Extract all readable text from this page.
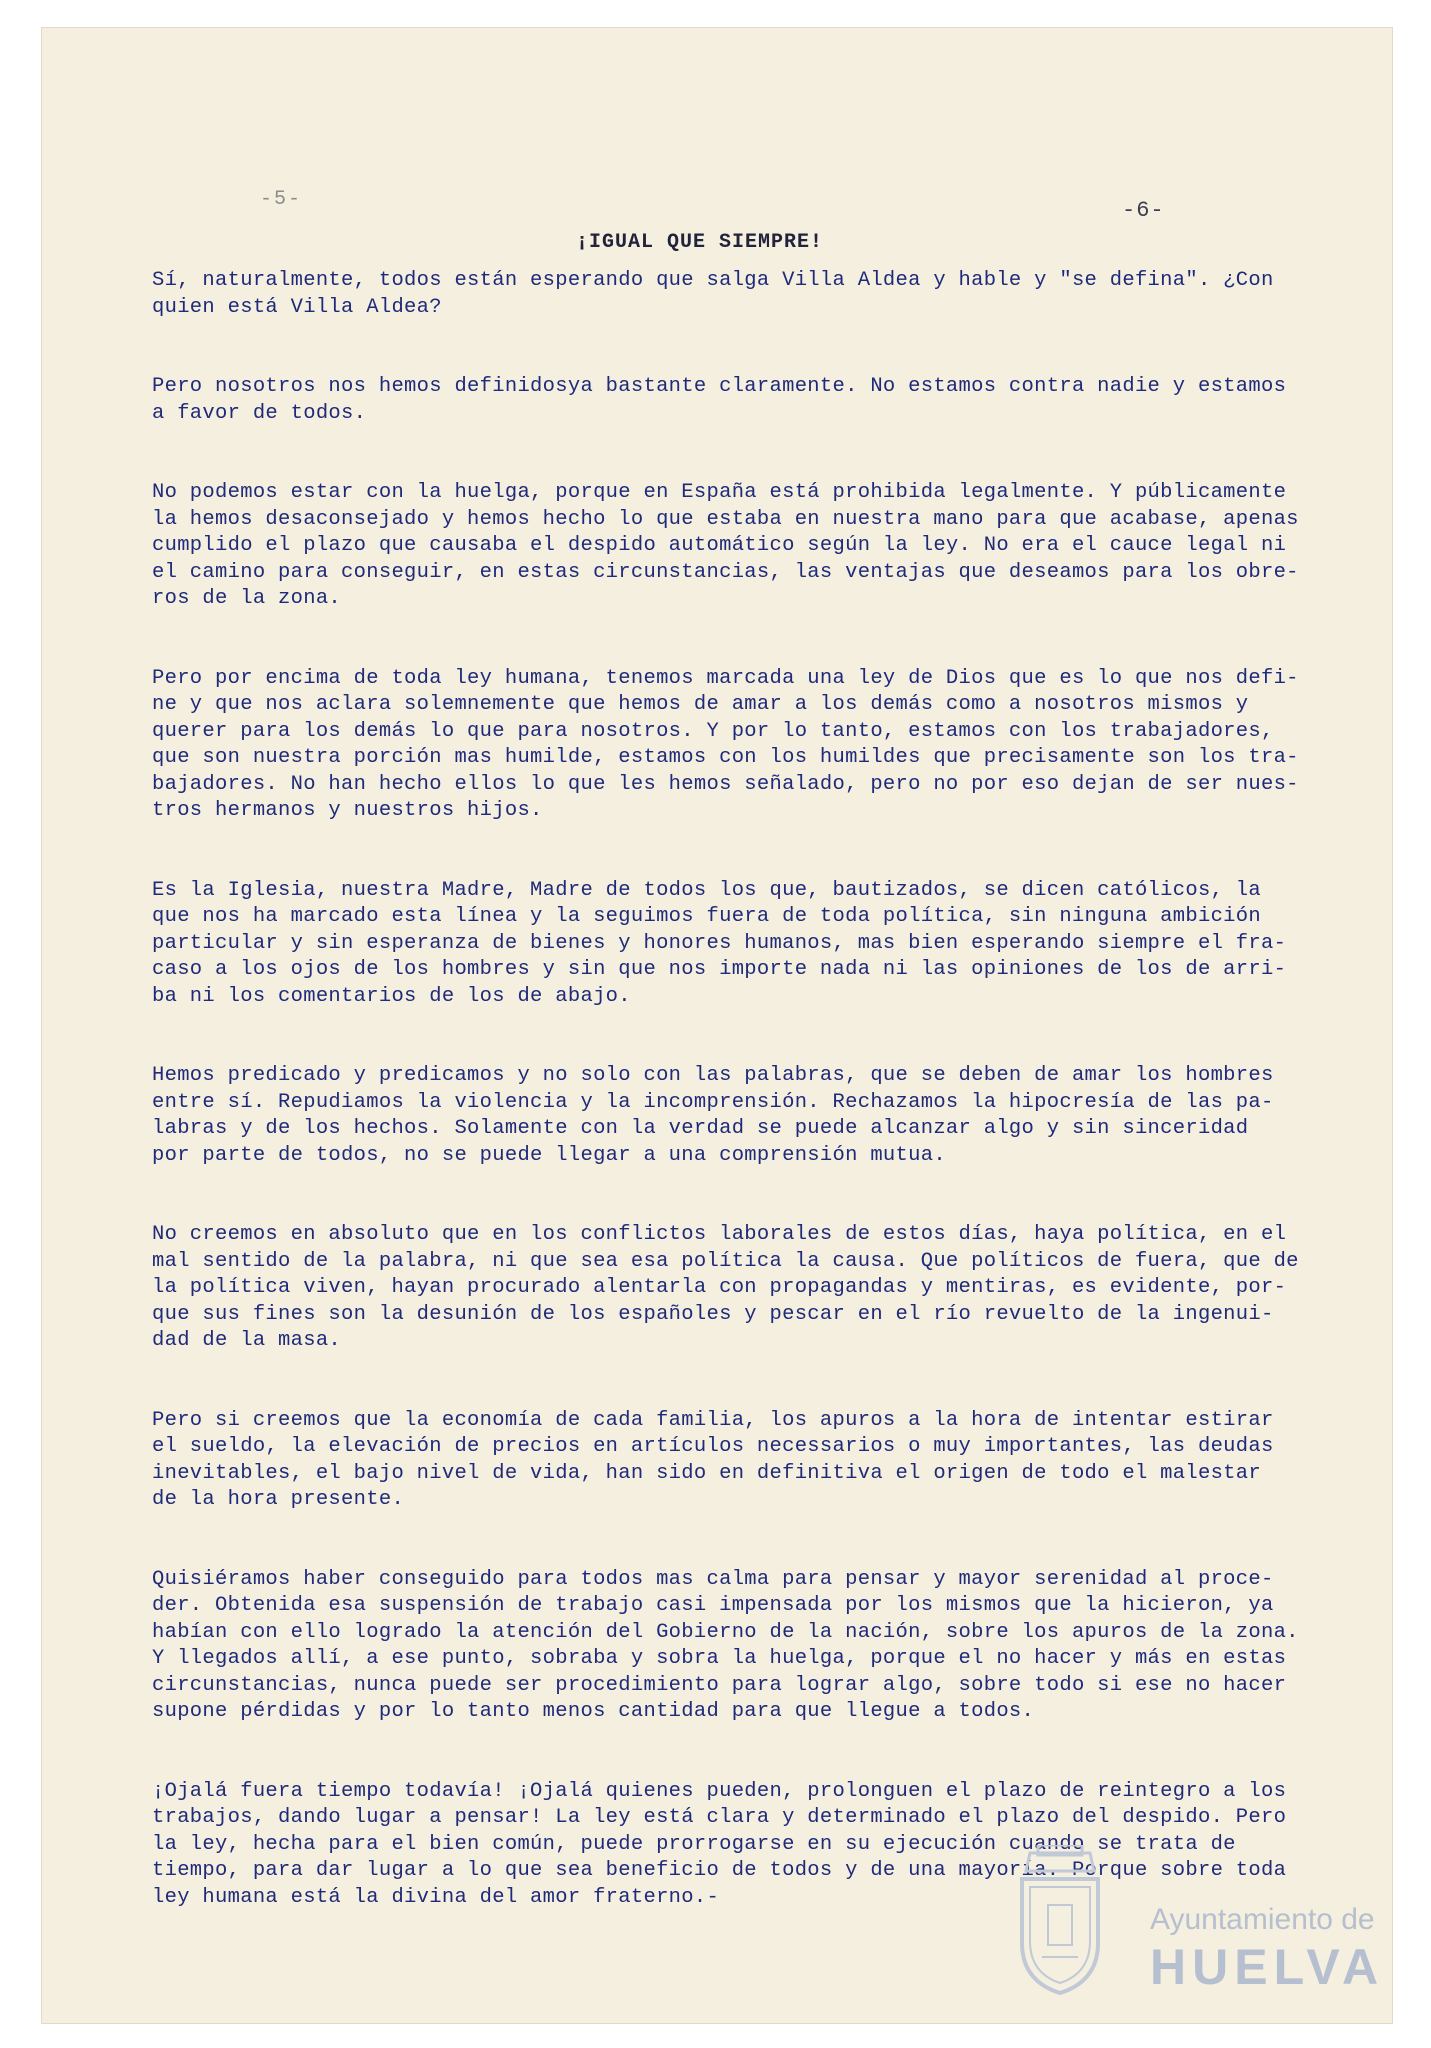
-5-	-6-
¡IGUAL QUE SIEMPRE!

Sí, naturalmente, todos están esperando que salga Villa Aldea y hable y "se defina". ¿Con
quien está Villa Aldea?

Pero nosotros nos hemos definidosya bastante claramente. No estamos contra nadie y estamos
a favor de todos.

No podemos estar con la huelga, porque en España está prohibida legalmente. Y públicamente
la hemos desaconsejado y hemos hecho lo que estaba en nuestra mano para que acabase, apenas
cumplido el plazo que causaba el despido automático según la ley. No era el cauce legal ni
el camino para conseguir, en estas circunstancias, las ventajas que deseamos para los obre-
ros de la zona.

Pero por encima de toda ley humana, tenemos marcada una ley de Dios que es lo que nos defi-
ne y que nos aclara solemnemente que hemos de amar a los demás como a nosotros mismos y
querer para los demás lo que para nosotros. Y por lo tanto, estamos con los trabajadores,
que son nuestra porción mas humilde, estamos con los humildes que precisamente son los tra-
bajadores. No han hecho ellos lo que les hemos señalado, pero no por eso dejan de ser nues-
tros hermanos y nuestros hijos.

Es la Iglesia, nuestra Madre, Madre de todos los que, bautizados, se dicen católicos, la
que nos ha marcado esta línea y la seguimos fuera de toda política, sin ninguna ambición
particular y sin esperanza de bienes y honores humanos, mas bien esperando siempre el fra-
caso a los ojos de los hombres y sin que nos importe nada ni las opiniones de los de arri-
ba ni los comentarios de los de abajo.

Hemos predicado y predicamos y no solo con las palabras, que se deben de amar los hombres
entre sí. Repudiamos la violencia y la incomprensión. Rechazamos la hipocresía de las pa-
labras y de los hechos. Solamente con la verdad se puede alcanzar algo y sin sinceridad
por parte de todos, no se puede llegar a una comprensión mutua.

No creemos en absoluto que en los conflictos laborales de estos días, haya política, en el
mal sentido de la palabra, ni que sea esa política la causa. Que políticos de fuera, que de
la política viven, hayan procurado alentarla con propagandas y mentiras, es evidente, por-
que sus fines son la desunión de los españoles y pescar en el río revuelto de la ingenui-
dad de la masa.

Pero si creemos que la economía de cada familia, los apuros a la hora de intentar estirar
el sueldo, la elevación de precios en artículos necessarios o muy importantes, las deudas
inevitables, el bajo nivel de vida, han sido en definitiva el origen de todo el malestar
de la hora presente.

Quisiéramos haber conseguido para todos mas calma para pensar y mayor serenidad al proce-
der. Obtenida esa suspensión de trabajo casi impensada por los mismos que la hicieron, ya
habían con ello logrado la atención del Gobierno de la nación, sobre los apuros de la zona.
Y llegados allí, a ese punto, sobraba y sobra la huelga, porque el no hacer y más en estas
circunstancias, nunca puede ser procedimiento para lograr algo, sobre todo si ese no hacer
supone pérdidas y por lo tanto menos cantidad para que llegue a todos.

¡Ojalá fuera tiempo todavía! ¡Ojalá quienes pueden, prolonguen el plazo de reintegro a los
trabajos, dando lugar a pensar! La ley está clara y determinado el plazo del despido. Pero
la ley, hecha para el bien común, puede prorrogarse en su ejecución cuando se trata de
tiempo, para dar lugar a lo que sea beneficio de todos y de una mayoría. Porque sobre toda
ley humana está la divina del amor fraterno.-

Ayuntamiento de
HUELVA
